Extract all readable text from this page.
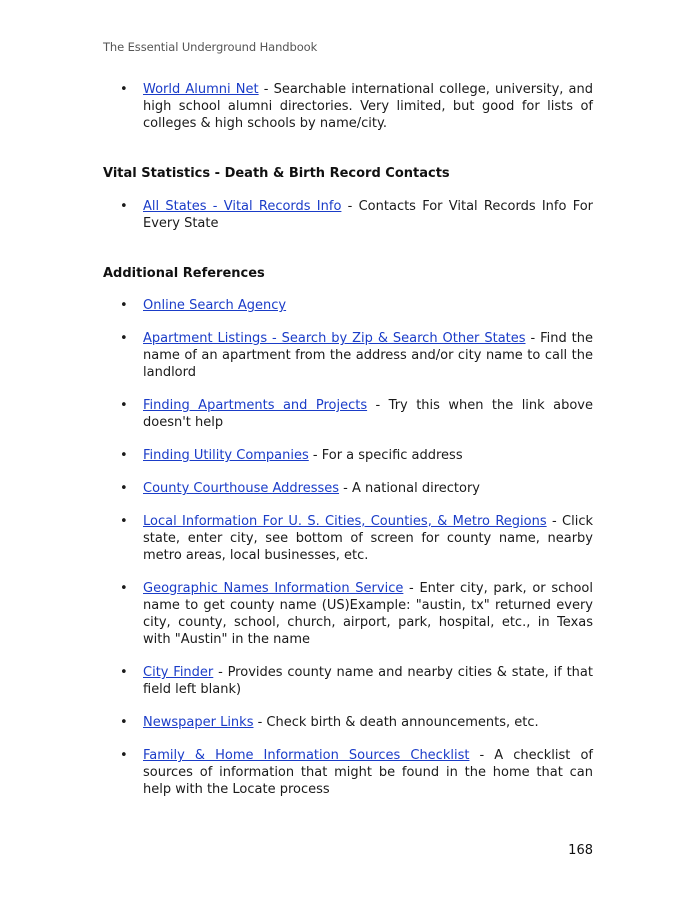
The Essential Underground Handbook
• World Alumni Net - Searchable international college, university, and high school alumni directories. Very limited, but good for lists of colleges & high schools by name/city.
Vital Statistics - Death & Birth Record Contacts
• All States - Vital Records Info - Contacts For Vital Records Info For Every State
Additional References
• Online Search Agency
• Apartment Listings - Search by Zip & Search Other States - Find the name of an apartment from the address and/or city name to call the landlord
• Finding Apartments and Projects - Try this when the link above doesn't help
• Finding Utility Companies - For a specific address
• County Courthouse Addresses - A national directory
• Local Information For U. S. Cities, Counties, & Metro Regions - Click state, enter city, see bottom of screen for county name, nearby metro areas, local businesses, etc.
• Geographic Names Information Service - Enter city, park, or school name to get county name (US)Example: "austin, tx" returned every city, county, school, church, airport, park, hospital, etc., in Texas with "Austin" in the name
• City Finder - Provides county name and nearby cities & state, if that field left blank)
• Newspaper Links - Check birth & death announcements, etc.
• Family & Home Information Sources Checklist - A checklist of sources of information that might be found in the home that can help with the Locate process
168
